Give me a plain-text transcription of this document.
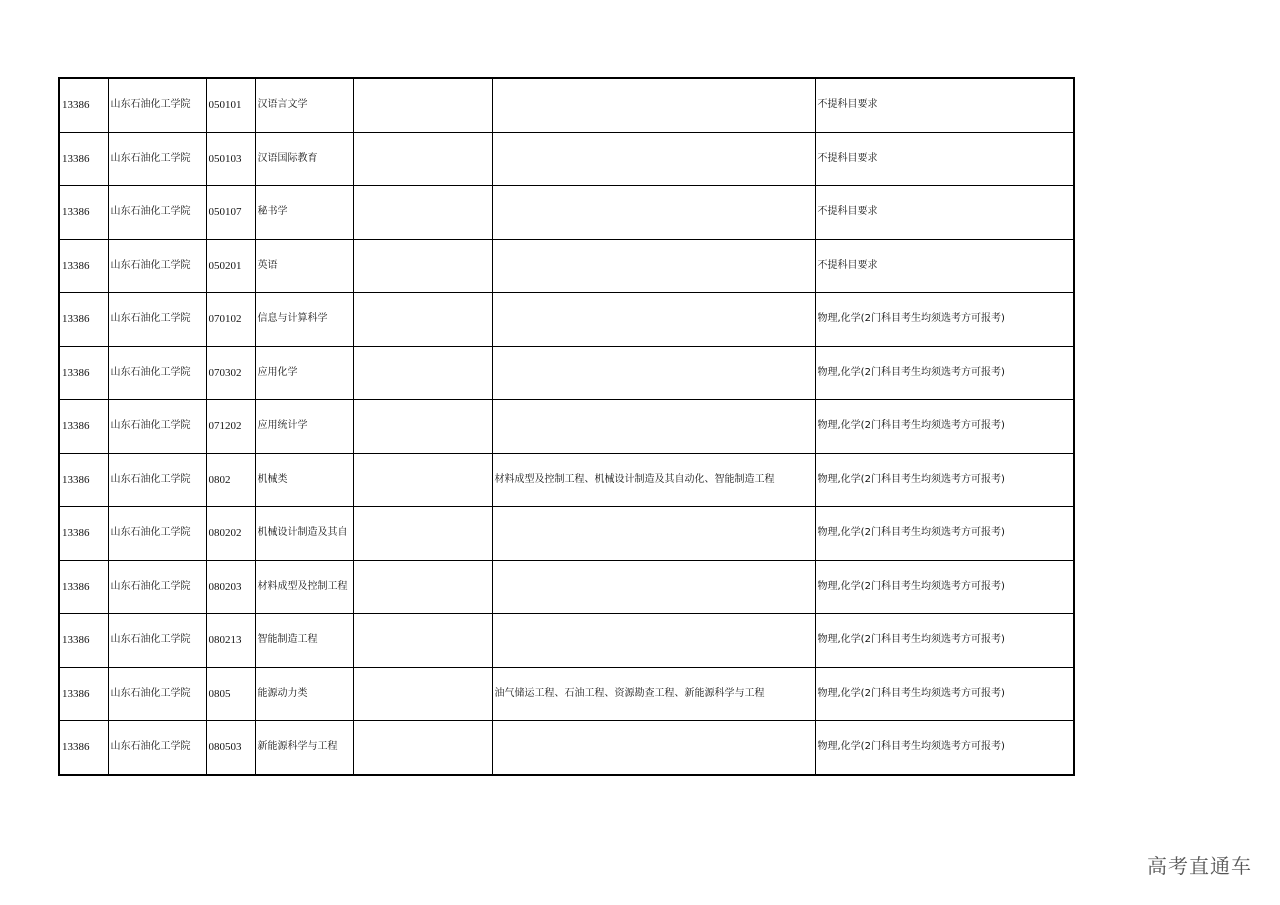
13386	山东石油化工学院	050101	汉语言文学			不提科目要求
13386	山东石油化工学院	050103	汉语国际教育			不提科目要求
13386	山东石油化工学院	050107	秘书学			不提科目要求
13386	山东石油化工学院	050201	英语			不提科目要求
13386	山东石油化工学院	070102	信息与计算科学			物理,化学(2门科目考生均须选考方可报考)
13386	山东石油化工学院	070302	应用化学			物理,化学(2门科目考生均须选考方可报考)
13386	山东石油化工学院	071202	应用统计学			物理,化学(2门科目考生均须选考方可报考)
13386	山东石油化工学院	0802	机械类		材料成型及控制工程、机械设计制造及其自动化、智能制造工程	物理,化学(2门科目考生均须选考方可报考)
13386	山东石油化工学院	080202	机械设计制造及其自			物理,化学(2门科目考生均须选考方可报考)
13386	山东石油化工学院	080203	材料成型及控制工程			物理,化学(2门科目考生均须选考方可报考)
13386	山东石油化工学院	080213	智能制造工程			物理,化学(2门科目考生均须选考方可报考)
13386	山东石油化工学院	0805	能源动力类		油气储运工程、石油工程、资源勘查工程、新能源科学与工程	物理,化学(2门科目考生均须选考方可报考)
13386	山东石油化工学院	080503	新能源科学与工程			物理,化学(2门科目考生均须选考方可报考)
高考直通车
